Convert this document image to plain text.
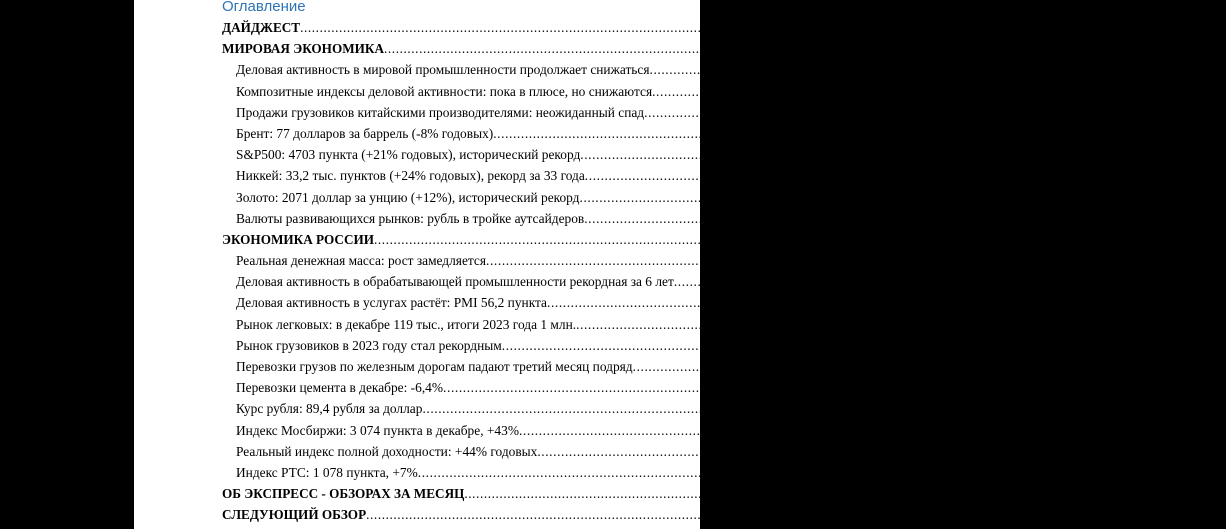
Оглавление
ДАЙДЖЕСТ............................................................................................................................................
МИРОВАЯ ЭКОНОМИКА............................................................................................................................................
Деловая активность в мировой промышленности продолжает снижаться............................................................................................................................................
Композитные индексы деловой активности: пока в плюсе, но снижаются............................................................................................................................................
Продажи грузовиков китайскими производителями: неожиданный спад............................................................................................................................................
Брент: 77 долларов за баррель (-8% годовых)............................................................................................................................................
S&P500: 4703 пункта (+21% годовых), исторический рекорд............................................................................................................................................
Никкей: 33,2 тыс. пунктов (+24% годовых), рекорд за 33 года............................................................................................................................................
Золото: 2071 доллар за унцию (+12%), исторический рекорд............................................................................................................................................
Валюты развивающихся рынков: рубль в тройке аутсайдеров............................................................................................................................................
ЭКОНОМИКА РОССИИ............................................................................................................................................
Реальная денежная масса: рост замедляется............................................................................................................................................
Деловая активность в обрабатывающей промышленности рекордная за 6 лет............................................................................................................................................
Деловая активность в услугах растёт: PMI 56,2 пункта............................................................................................................................................
Рынок легковых: в декабре 119 тыс., итоги 2023 года 1 млн.............................................................................................................................................
Рынок грузовиков в 2023 году стал рекордным............................................................................................................................................
Перевозки грузов по железным дорогам падают третий месяц подряд............................................................................................................................................
Перевозки цемента в декабре: -6,4%............................................................................................................................................
Курс рубля: 89,4 рубля за доллар............................................................................................................................................
Индекс Мосбиржи: 3 074 пункта в декабре, +43%............................................................................................................................................
Реальный индекс полной доходности: +44% годовых............................................................................................................................................
Индекс РТС: 1 078 пункта, +7%............................................................................................................................................
ОБ ЭКСПРЕСС - ОБЗОРАХ ЗА МЕСЯЦ............................................................................................................................................
СЛЕДУЮЩИЙ ОБЗОР............................................................................................................................................
